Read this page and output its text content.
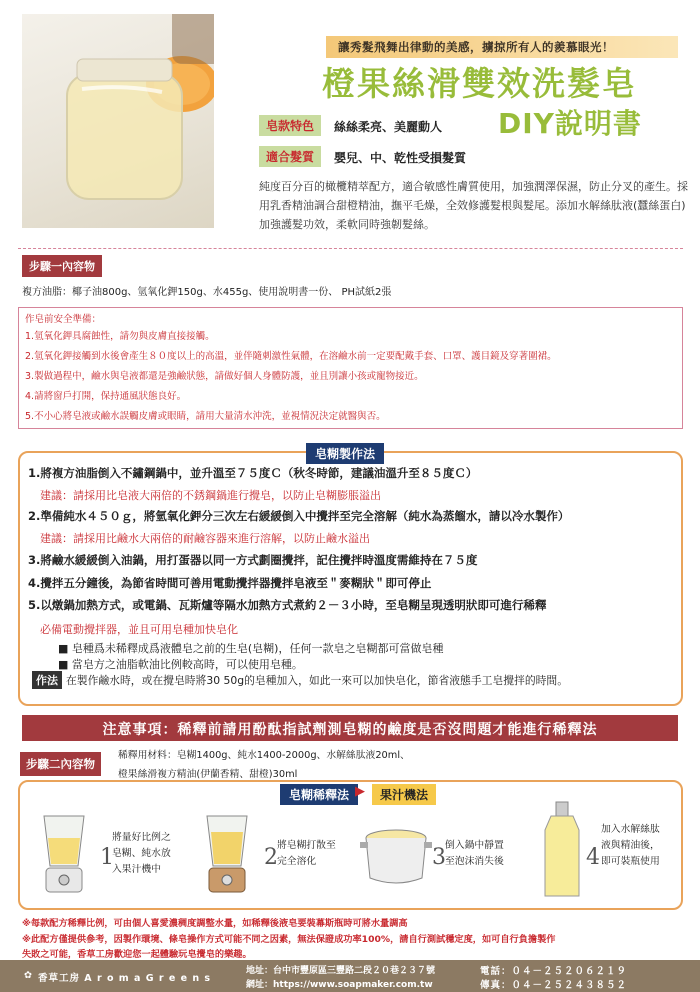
讓秀髮飛舞出律動的美感，擄掠所有人的羨慕眼光！
橙果絲滑雙效洗髮皂
DIY說明書
皂款特色	絲絲柔亮、美麗動人
適合髮質	嬰兒、中、乾性受損髮質
純度百分百的橄欖精萃配方，適合敏感性膚質使用，加強潤澤保濕，防止分叉的產生。採用乳香精油調合甜橙精油，撫平毛燥，全效修護髮根與髮尾。添加水解絲肽液(蠶絲蛋白)加強護髮功效，柔軟同時強韌髮絲。
步驟一內容物
複方油脂：椰子油800g、氫氧化鉀150g、水455g、使用說明書一份、 PH試紙2張
作皂前安全準備：
1.氫氧化鉀具腐蝕性，請勿與皮膚直接接觸。
2.氫氧化鉀接觸到水後會產生８０度以上的高溫，並伴隨刺激性氣體，在溶鹼水前一定要配戴手套、口罩、護目鏡及穿著圍裙。
3.製做過程中，鹼水與皂液都還是強鹼狀態，請做好個人身體防護，並且別讓小孩或寵物接近。
4.請將窗戶打開，保持通風狀態良好。
5.不小心將皂液或鹼水誤觸皮膚或眼睛，請用大量清水沖洗，並視情況決定就醫與否。
皂糊製作法
1.將複方油脂倒入不鏽鋼鍋中，並升溫至７５度Ｃ（秋冬時節，建議油溫升至８５度Ｃ）
建議：請採用比皂液大兩倍的不銹鋼鍋進行攪皂，以防止皂糊膨脹溢出
2.準備純水４５０ｇ，將氫氧化鉀分三次左右緩緩倒入中攪拌至完全溶解（純水為蒸餾水，請以冷水製作）
建議：請採用比鹼水大兩倍的耐鹼容器來進行溶解，以防止鹼水溢出
3.將鹼水緩緩倒入油鍋，用打蛋器以同一方式劃圈攪拌，記住攪拌時溫度需維持在７５度
4.攪拌五分鐘後，為節省時間可善用電動攪拌器攪拌皂液至＂麥糊狀＂即可停止
5.以燉鍋加熱方式，或電鍋、瓦斯爐等隔水加熱方式煮約２－３小時，至皂糊呈現透明狀即可進行稀釋
必備電動攪拌器，並且可用皂種加快皂化
■ 皂種爲未稀釋成爲液體皂之前的生皂(皂糊)，任何一款皂之皂糊都可當做皂種
■ 當皂方之油脂軟油比例較高時，可以使用皂種。
作法 在製作鹼水時，或在攪皂時將30 50g的皂種加入，如此一來可以加快皂化，節省液態手工皂攪拌的時間。
注意事項：稀釋前請用酚酞指試劑測皂糊的鹼度是否沒問題才能進行稀釋法
步驟二內容物
稀釋用材料：皂糊1400g、純水1400-2000g、水解絲肽液20ml、
橙果絲滑複方精油(伊蘭香精、甜橙)30ml
皂糊稀釋法 ▶	果汁機法
1
將量好比例之
皂糊、純水放
入果汁機中	2 將皂糊打散至
完全溶化	3 倒入鍋中靜置
至泡沫消失後	4
加入水解絲肽
液與精油後，
即可裝瓶使用
※每款配方稀釋比例，可由個人喜愛濃稠度調整水量，如稀釋後液皂要裝幕斯瓶時可將水量調高
※此配方僅提供參考，因製作環境、條皂操作方式可能不同之因素，無法保證成功率100%，請自行測試穩定度，如可自行負擔製作
失敗之可能，香草工房歡迎您一起體驗玩皂攪皂的樂趣。
✿ 香草工房 A r o m a G r e e n s
地址：台中市豐原區三豐路二段２０巷２３７號
網址：https://www.soapmaker.com.tw
電話：０４－２５２０６２１９
傳真：０４－２５２４３８５２
